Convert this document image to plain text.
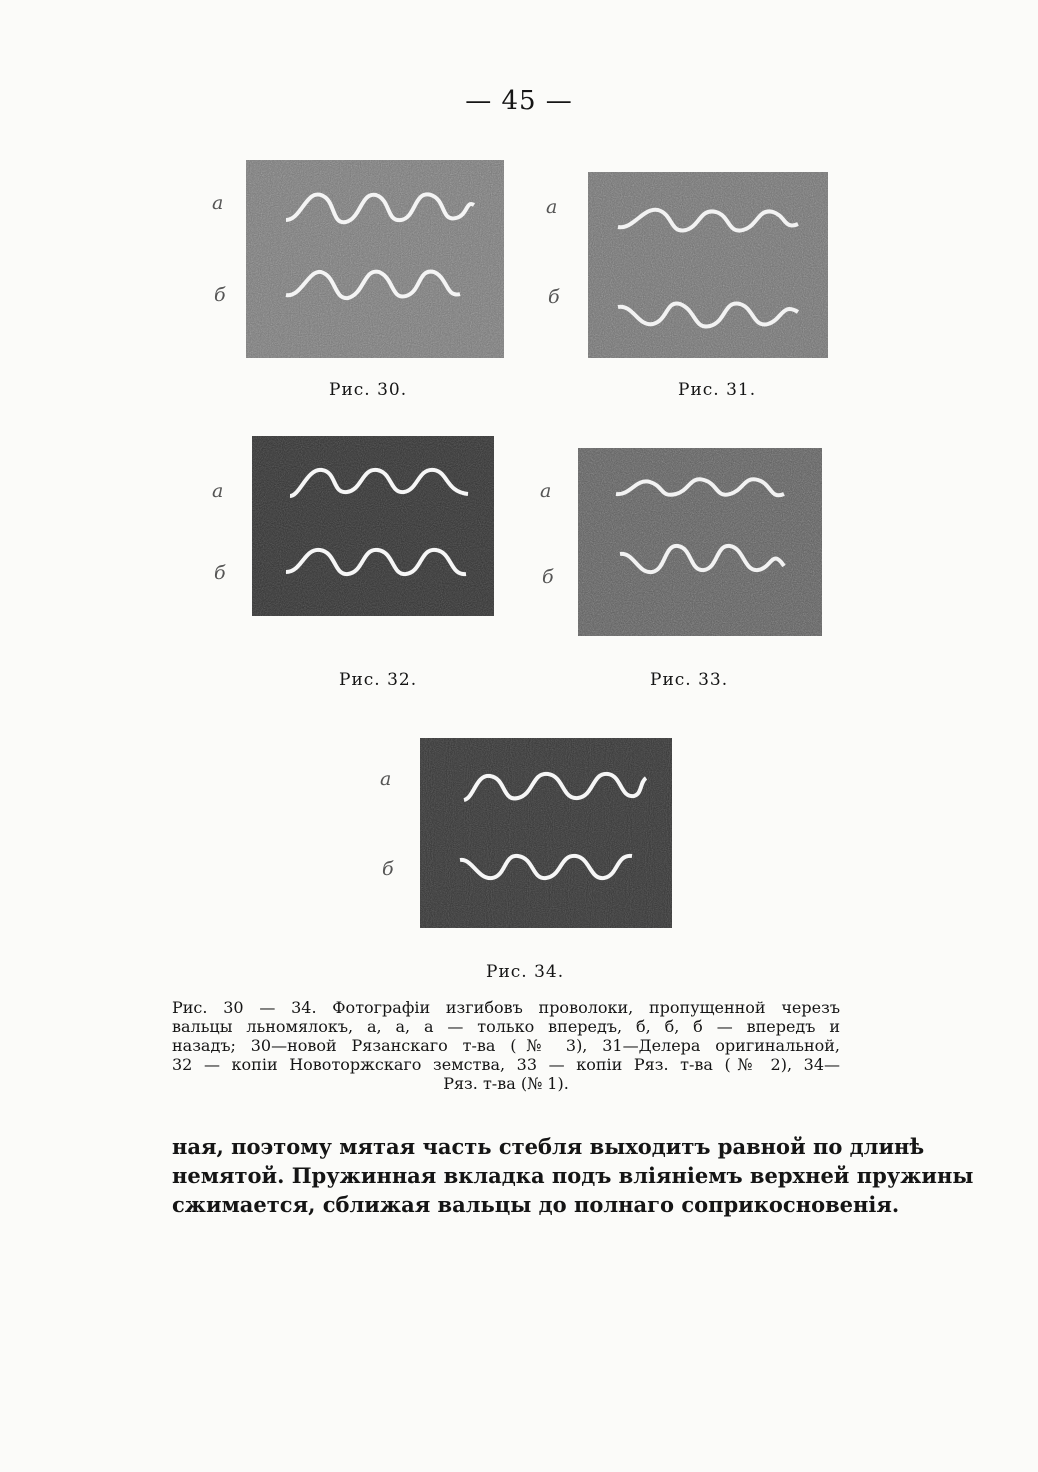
— 45 —
а
б
Рис. 30.
а
б
Рис. 31.
а
б
Рис. 32.
а
б
Рис. 33.
а
б
Рис. 34.
Рис. 30 — 34. Фотографiи изгибовъ проволоки, пропущенной черезъ
вальцы льномялокъ, а, а, а — только впередъ, б, б, б — впередъ и
назадъ; 30—новой Рязанскаго т-ва (№ 3), 31—Делера оригинальной,
32 — копiи Новоторжскаго земства, 33 — копiи Ряз. т-ва (№ 2), 34—
Ряз. т-ва (№ 1).
ная, поэтому мятая часть стебля выходитъ равной по длинѣ
немятой. Пружинная вкладка подъ влiянiемъ верхней пружины
сжимается, сближая вальцы до полнаго соприкосновенiя.
